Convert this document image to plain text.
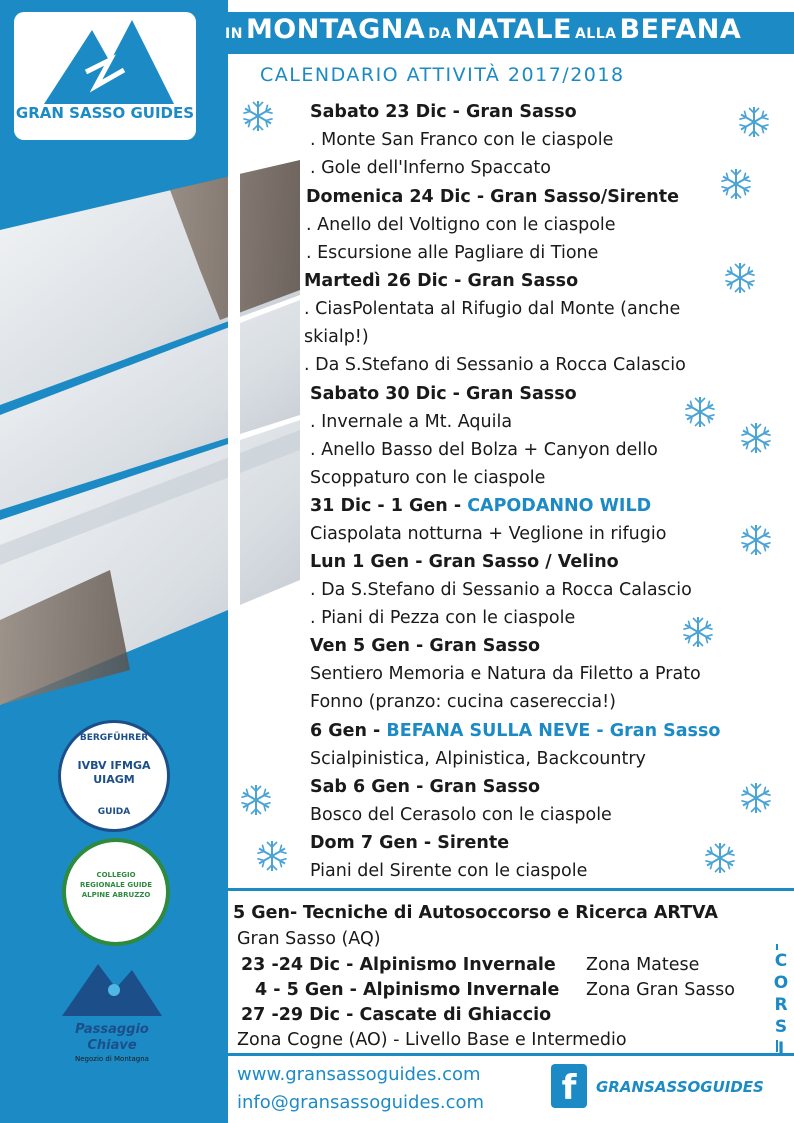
IN MONTAGNA DA NATALE ALLA BEFANA
GRAN SASSO GUIDES
CALENDARIO ATTIVITÀ 2017/2018
Sabato 23 Dic - Gran Sasso
. Monte San Franco con le ciaspole
. Gole dell'Inferno Spaccato
Domenica 24 Dic - Gran Sasso/Sirente
. Anello del Voltigno con le ciaspole
. Escursione alle Pagliare di Tione
Martedì 26 Dic - Gran Sasso
. CiasPolentata al Rifugio dal Monte (anche
skialp!)
. Da S.Stefano di Sessanio a Rocca Calascio
Sabato 30 Dic - Gran Sasso
. Invernale a Mt. Aquila
. Anello Basso del Bolza + Canyon dello
Scoppaturo con le ciaspole
31 Dic - 1 Gen - CAPODANNO WILD
Ciaspolata notturna + Veglione in rifugio
Lun 1 Gen - Gran Sasso / Velino
. Da S.Stefano di Sessanio a Rocca Calascio
. Piani di Pezza con le ciaspole
Ven 5 Gen - Gran Sasso
Sentiero Memoria e Natura da Filetto a Prato
Fonno (pranzo: cucina casereccia!)
6 Gen - BEFANA SULLA NEVE - Gran Sasso
Scialpinistica, Alpinistica, Backcountry
Sab 6 Gen - Gran Sasso
Bosco del Cerasolo con le ciaspole
Dom 7 Gen - Sirente
Piani del Sirente con le ciaspole
BERGFÜHRER
IVBV IFMGA UIAGM
GUIDA
COLLEGIO REGIONALE GUIDE ALPINE ABRUZZO
Passaggio
Chiave
Negozio di Montagna
5 Gen- Tecniche di Autosoccorso e Ricerca ARTVA
Gran Sasso (AQ)
23 -24 Dic - Alpinismo Invernale Zona Matese
4 - 5 Gen - Alpinismo Invernale Zona Gran Sasso
27 -29 Dic - Cascate di Ghiaccio
Zona Cogne (AO) - Livello Base e Intermedio
C
O
R
S
I
www.gransassoguides.com
info@gransassoguides.com	f	GRANSASSOGUIDES
